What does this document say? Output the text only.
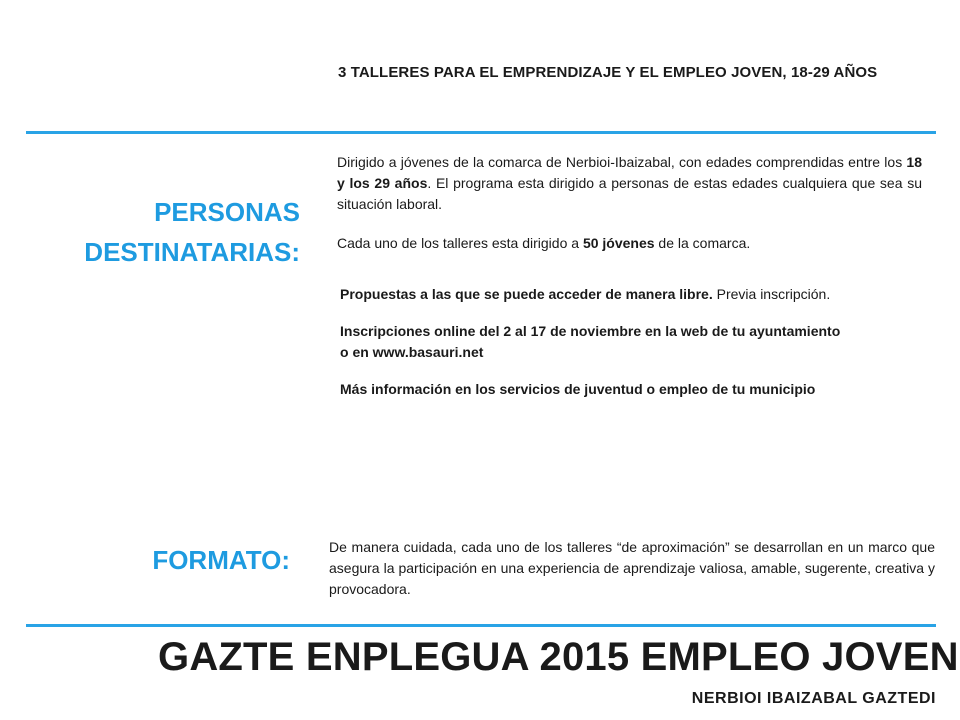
3 TALLERES PARA EL EMPRENDIZAJE Y EL EMPLEO JOVEN, 18-29 AÑOS
PERSONAS
DESTINATARIAS:
Dirigido a jóvenes de la comarca de Nerbioi-Ibaizabal, con edades comprendidas entre los 18 y los 29 años. El programa esta dirigido a personas de estas edades cualquiera que sea su situación laboral.
Cada uno de los talleres esta dirigido a 50 jóvenes de la comarca.

Propuestas a las que se puede acceder de manera libre. Previa inscripción.

Inscripciones online del 2 al 17 de noviembre en la web de tu ayuntamiento
o en www.basauri.net

Más información en los servicios de juventud o empleo de tu municipio

FORMATO:	De manera cuidada, cada uno de los talleres “de aproximación” se desarrollan en un marco que asegura la participación en una experiencia de aprendizaje valiosa, amable, sugerente, creativa y provocadora.
GAZTE ENPLEGUA 2015 EMPLEO JOVEN
NERBIOI IBAIZABAL GAZTEDI
